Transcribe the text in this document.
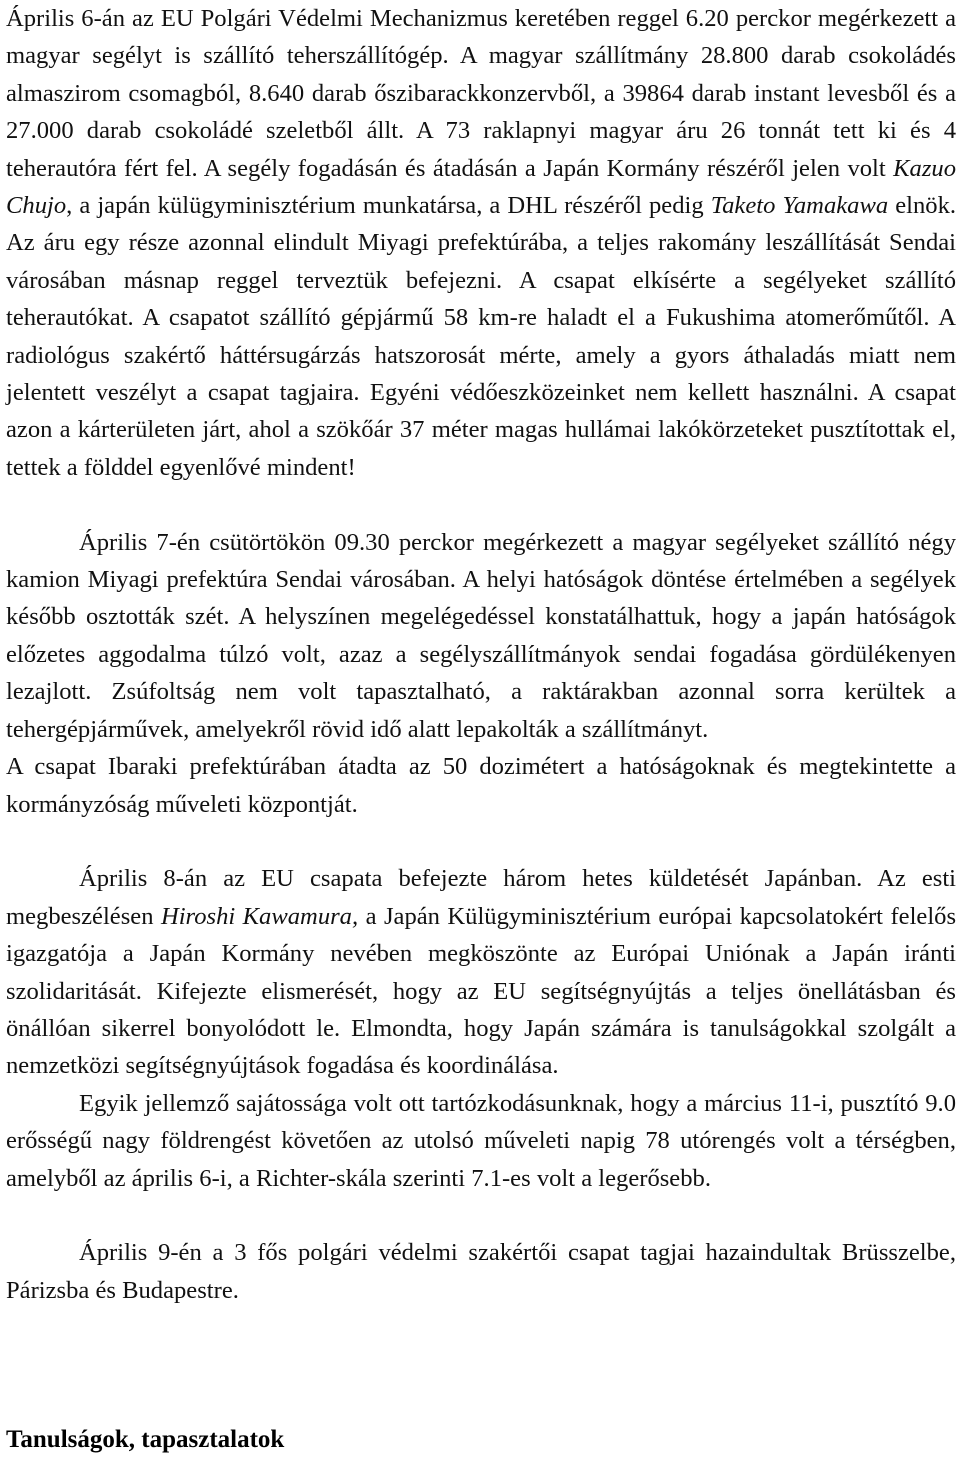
Április 6-án az EU Polgári Védelmi Mechanizmus keretében reggel 6.20 perckor megérkezett a magyar segélyt is szállító teherszállítógép. A magyar szállítmány 28.800 darab csokoládés almaszirom csomagból, 8.640 darab őszibarackkonzervből, a 39864 darab instant levesből és a 27.000 darab csokoládé szeletből állt. A 73 raklapnyi magyar áru 26 tonnát tett ki és 4 teherautóra fért fel. A segély fogadásán és átadásán a Japán Kormány részéről jelen volt Kazuo Chujo, a japán külügyminisztérium munkatársa, a DHL részéről pedig Taketo Yamakawa elnök. Az áru egy része azonnal elindult Miyagi prefektúrába, a teljes rakomány leszállítását Sendai városában másnap reggel terveztük befejezni. A csapat elkísérte a segélyeket szállító teherautókat. A csapatot szállító gépjármű 58 km-re haladt el a Fukushima atomerőműtől. A radiológus szakértő háttérsugárzás hatszorosát mérte, amely a gyors áthaladás miatt nem jelentett veszélyt a csapat tagjaira. Egyéni védőeszközeinket nem kellett használni. A csapat azon a kárterületen járt, ahol a szökőár 37 méter magas hullámai lakókörzeteket pusztítottak el, tettek a földdel egyenlővé mindent!

Április 7-én csütörtökön 09.30 perckor megérkezett a magyar segélyeket szállító négy kamion Miyagi prefektúra Sendai városában. A helyi hatóságok döntése értelmében a segélyek később osztották szét. A helyszínen megelégedéssel konstatálhattuk, hogy a japán hatóságok előzetes aggodalma túlzó volt, azaz a segélyszállítmányok sendai fogadása gördülékenyen lezajlott. Zsúfoltság nem volt tapasztalható, a raktárakban azonnal sorra kerültek a tehergépjárművek, amelyekről rövid idő alatt lepakolták a szállítmányt.

A csapat Ibaraki prefektúrában átadta az 50 dozimétert a hatóságoknak és megtekintette a kormányzóság műveleti központját.

Április 8-án az EU csapata befejezte három hetes küldetését Japánban. Az esti megbeszélésen Hiroshi Kawamura, a Japán Külügyminisztérium európai kapcsolatokért felelős igazgatója a Japán Kormány nevében megköszönte az Európai Uniónak a Japán iránti szolidaritását. Kifejezte elismerését, hogy az EU segítségnyújtás a teljes önellátásban és önállóan sikerrel bonyolódott le. Elmondta, hogy Japán számára is tanulságokkal szolgált a nemzetközi segítségnyújtások fogadása és koordinálása.

Egyik jellemző sajátossága volt ott tartózkodásunknak, hogy a március 11-i, pusztító 9.0 erősségű nagy földrengést követően az utolsó műveleti napig 78 utórengés volt a térségben, amelyből az április 6-i, a Richter-skála szerinti 7.1-es volt a legerősebb.

Április 9-én a 3 fős polgári védelmi szakértői csapat tagjai hazaindultak Brüsszelbe, Párizsba és Budapestre.

Tanulságok, tapasztalatok
